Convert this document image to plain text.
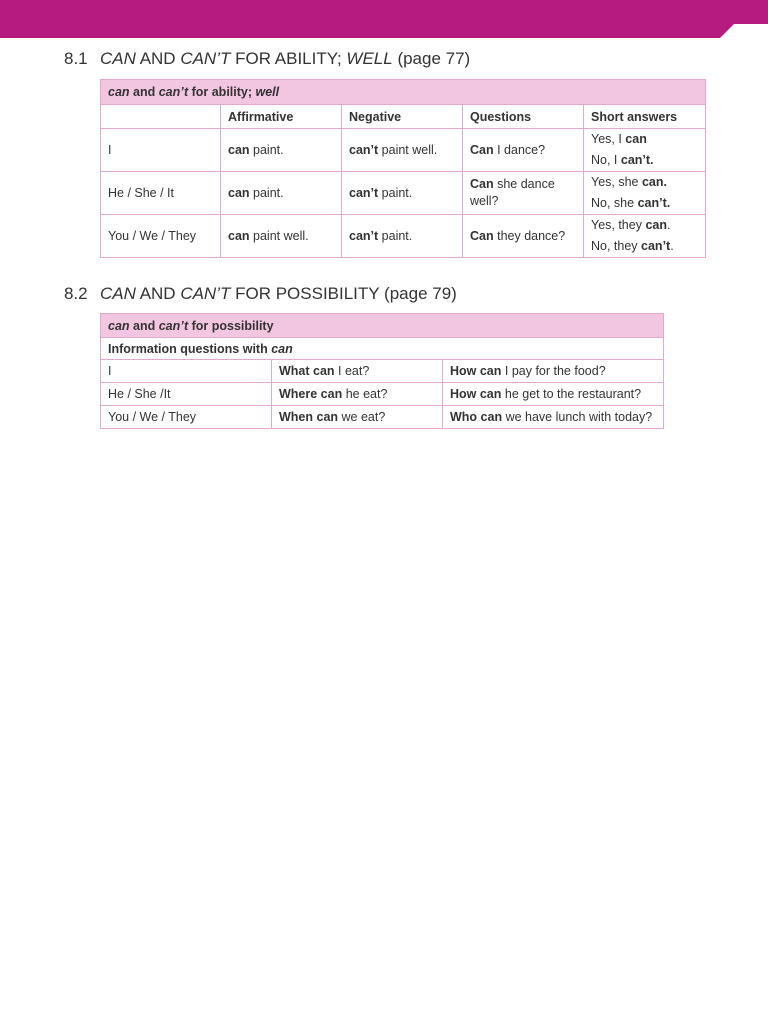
8.1 CAN AND CAN’T FOR ABILITY; WELL (page 77)
can and can’t for ability; well				
	Affirmative	Negative	Questions	Short answers
I	can paint.	can’t paint well.	Can I dance?	Yes, I can
No, I can’t.

He / She / It	can paint.	can’t paint.	Can she dance well?	Yes, she can.
No, she can’t.

You / We / They	can paint well.	can’t paint.	Can they dance?	Yes, they can.
No, they can’t.
8.2 CAN AND CAN’T FOR POSSIBILITY (page 79)
can and can’t for possibility		
Information questions with can		
I	What can I eat?	How can I pay for the food?
He / She /It	Where can he eat?	How can he get to the restaurant?
You / We / They	When can we eat?	Who can we have lunch with today?
